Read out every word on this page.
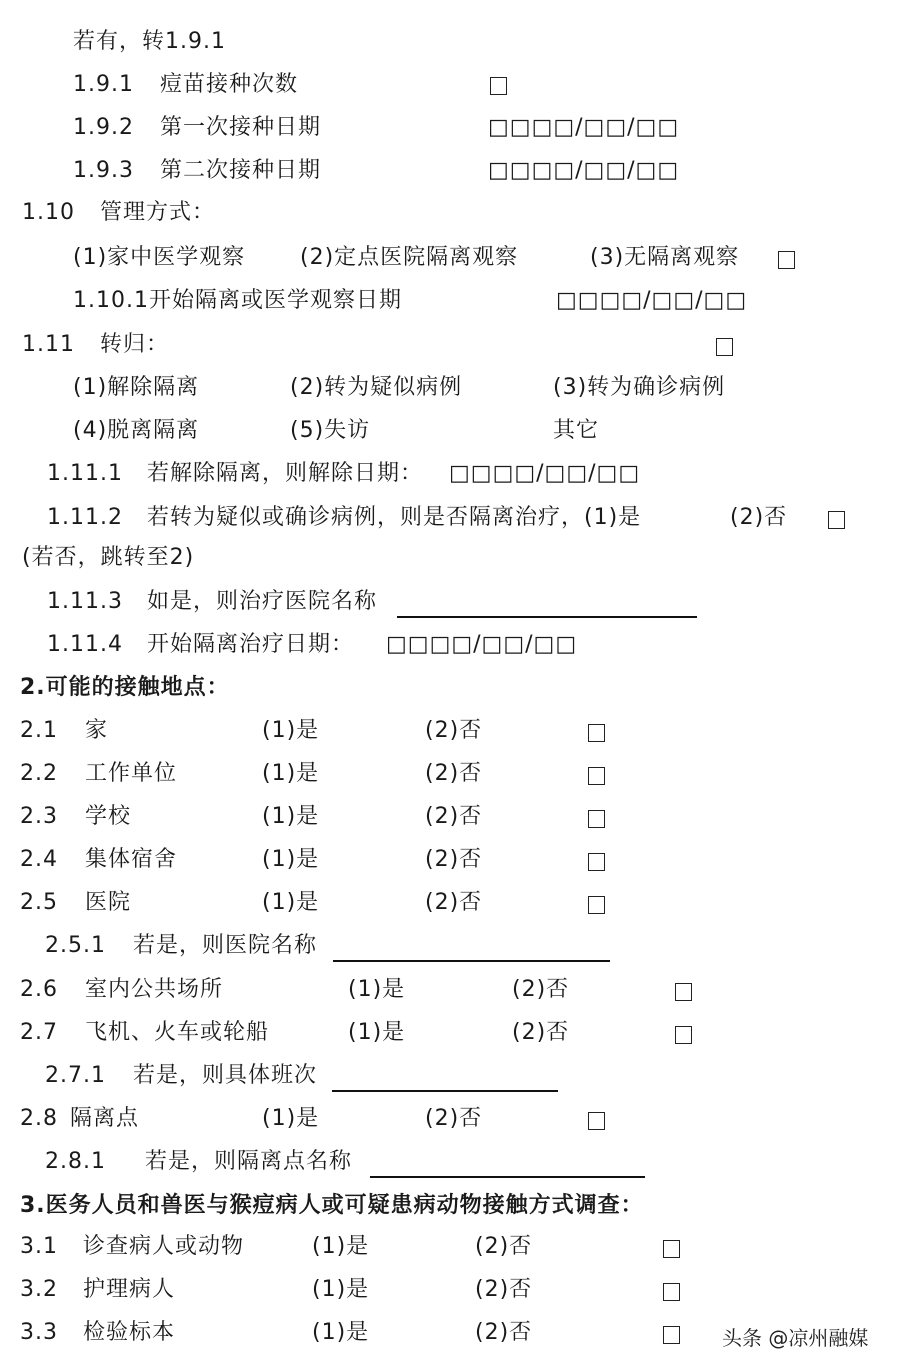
若有，转1.9.1
1.9.1 痘苗接种次数
1.9.2 第一次接种日期	□□□□/□□/□□
1.9.3 第二次接种日期	□□□□/□□/□□
1.10 管理方式：
(1)家中医学观察 (2)定点医院隔离观察	(3)无隔离观察
1.10.1开始隔离或医学观察日期	□□□□/□□/□□
1.11 转归：
(1)解除隔离	(2)转为疑似病例	(3)转为确诊病例
(4)脱离隔离	(5)失访	其它
1.11.1 若解除隔离，则解除日期： □□□□/□□/□□
1.11.2 若转为疑似或确诊病例，则是否隔离治疗，(1)是	(2)否
(若否，跳转至2)
1.11.3 如是，则治疗医院名称
1.11.4 开始隔离治疗日期： □□□□/□□/□□
2.可能的接触地点：
2.1 家	(1)是	(2)否
2.2 工作单位	(1)是	(2)否
2.3 学校	(1)是	(2)否
2.4 集体宿舍	(1)是	(2)否
2.5 医院	(1)是	(2)否
2.5.1 若是，则医院名称
2.6 室内公共场所	(1)是	(2)否
2.7 飞机、火车或轮船	(1)是	(2)否
2.7.1 若是，则具体班次
2.8 隔离点	(1)是	(2)否
2.8.1 若是，则隔离点名称
3.医务人员和兽医与猴痘病人或可疑患病动物接触方式调查：
3.1 诊查病人或动物	(1)是	(2)否
3.2 护理病人	(1)是	(2)否
3.3 检验标本	(1)是	(2)否	头条 @凉州融媒
